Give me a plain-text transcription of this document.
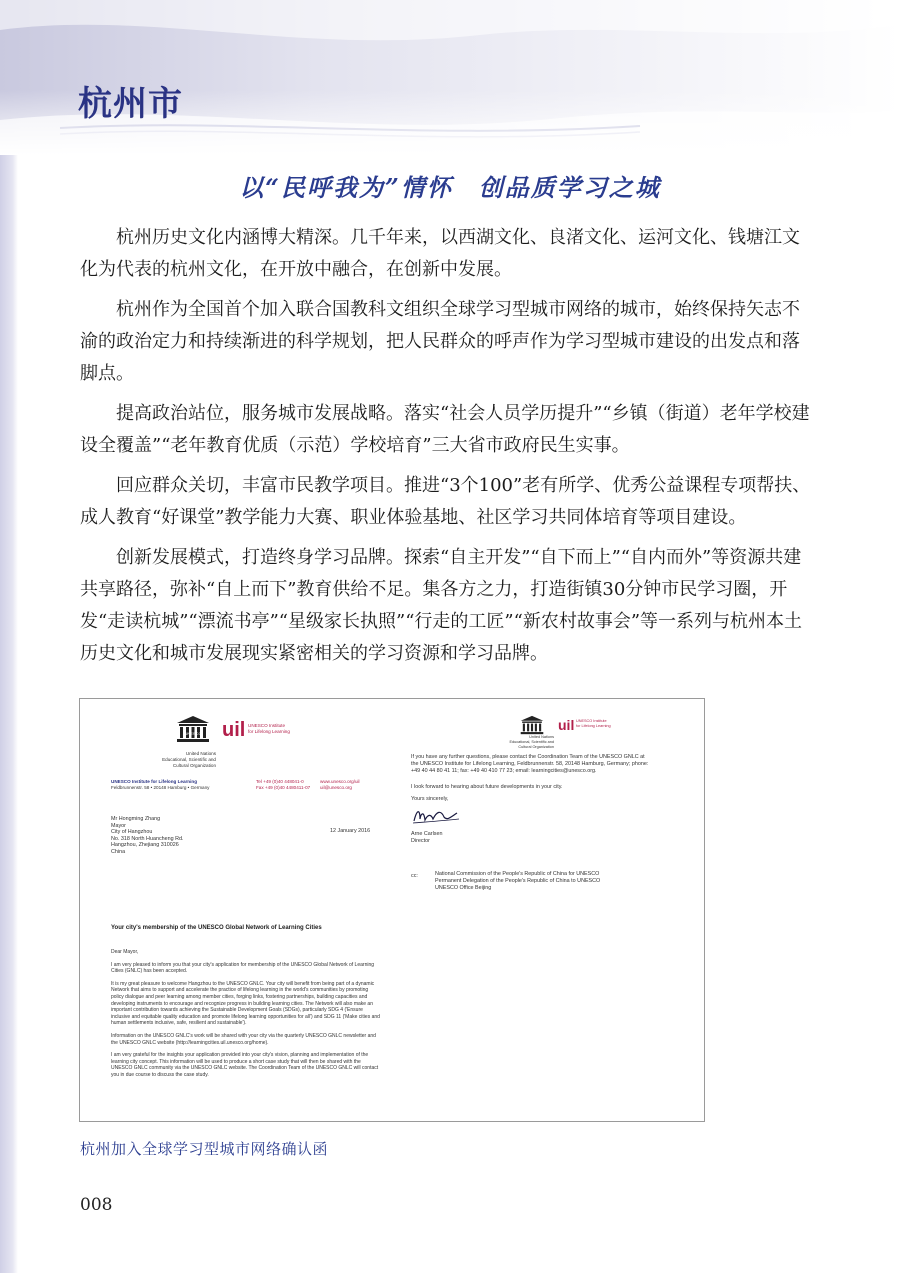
杭州市
以“民呼我为”情怀　创品质学习之城

杭州历史文化内涵博大精深。几千年来，以西湖文化、良渚文化、运河文化、钱塘江文化为代表的杭州文化，在开放中融合，在创新中发展。

杭州作为全国首个加入联合国教科文组织全球学习型城市网络的城市，始终保持矢志不渝的政治定力和持续渐进的科学规划，把人民群众的呼声作为学习型城市建设的出发点和落脚点。

提高政治站位，服务城市发展战略。落实“社会人员学历提升”“乡镇（街道）老年学校建设全覆盖”“老年教育优质（示范）学校培育”三大省市政府民生实事。

回应群众关切，丰富市民教学项目。推进“3个100”老有所学、优秀公益课程专项帮扶、成人教育“好课堂”教学能力大赛、职业体验基地、社区学习共同体培育等项目建设。

创新发展模式，打造终身学习品牌。探索“自主开发”“自下而上”“自内而外”等资源共建共享路径，弥补“自上而下”教育供给不足。集各方之力，打造街镇30分钟市民学习圈，开发“走读杭城”“漂流书亭”“星级家长执照”“行走的工匠”“新农村故事会”等一系列与杭州本土历史文化和城市发展现实紧密相关的学习资源和学习品牌。

UNESCO

United Nations

Educational, Scientific and

Cultural Organization

uil UNESCO Institute

for Lifelong Learning

UNESCO Institute for Lifelong Learning

Feldbrunnenstr. 58 • 20148 Hamburg • Germany

Tel +49 (0)40 448041-0

Fax +49 (0)40 4480411-07

www.unesco.org/uil

uil@unesco.org

12 January 2016

Mr Hongming Zhang
Mayor
City of Hangzhou
No. 318 North Huancheng Rd.
Hangzhou, Zhejiang 310026
China

Your city's membership of the UNESCO Global Network of Learning Cities

Dear Mayor,

I am very pleased to inform you that your city's application for membership of the UNESCO Global Network of Learning Cities (GNLC) has been accepted.

It is my great pleasure to welcome Hangzhou to the UNESCO GNLC. Your city will benefit from being part of a dynamic Network that aims to support and accelerate the practice of lifelong learning in the world's communities by promoting policy dialogue and peer learning among member cities, forging links, fostering partnerships, building capacities and developing instruments to encourage and recognize progress in building learning cities. The Network will also make an important contribution towards achieving the Sustainable Development Goals (SDGs), particularly SDG 4 ('Ensure inclusive and equitable quality education and promote lifelong learning opportunities for all') and SDG 11 ('Make cities and human settlements inclusive, safe, resilient and sustainable').

Information on the UNESCO GNLC's work will be shared with your city via the quarterly UNESCO GNLC newsletter and the UNESCO GNLC website (http://learningcities.uil.unesco.org/home).

I am very grateful for the insights your application provided into your city's vision, planning and implementation of the learning city concept. This information will be used to produce a short case study that will then be shared with the UNESCO GNLC community via the UNESCO GNLC website. The Coordination Team of the UNESCO GNLC will contact you in due course to discuss the case study.

United Nations

Educational, Scientific and

Cultural Organization

uil UNESCO Institute

for Lifelong Learning

If you have any further questions, please contact the Coordination Team of the UNESCO GNLC at the UNESCO Institute for Lifelong Learning, Feldbrunnenstr. 58, 20148 Hamburg, Germany; phone: +49 40 44 80 41 11; fax: +49 40 410 77 23; email: learningcities@unesco.org.

I look forward to hearing about future developments in your city.

Yours sincerely,

Arne Carlsen

Director

cc:	National Commission of the People's Republic of China for UNESCO

Permanent Delegation of the People's Republic of China to UNESCO

UNESCO Office Beijing

杭州加入全球学习型城市网络确认函

008
